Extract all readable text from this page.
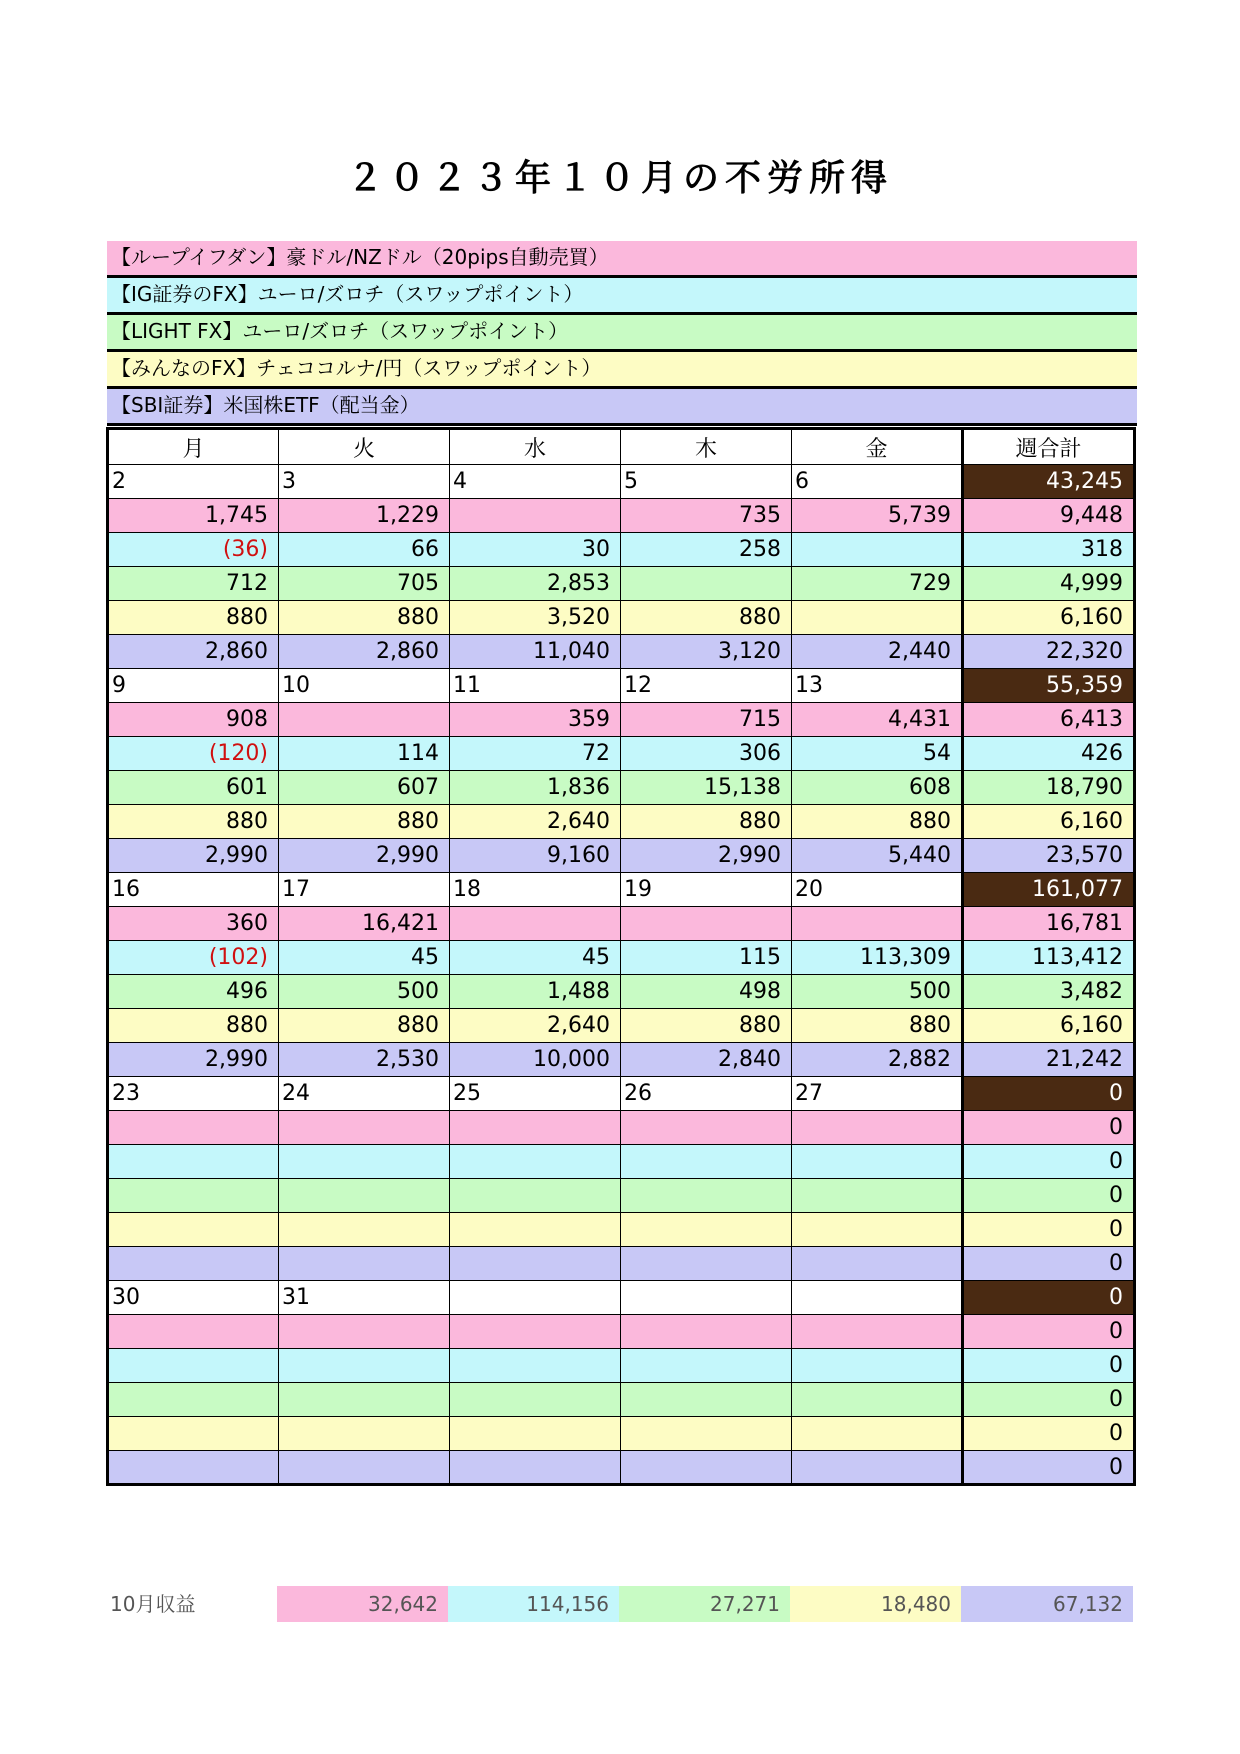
２０２３年１０月の不労所得
【ループイフダン】豪ドル/NZドル（20pips自動売買）
【IG証券のFX】ユーロ/ズロチ（スワップポイント）
【LIGHT FX】ユーロ/ズロチ（スワップポイント）
【みんなのFX】チェココルナ/円（スワップポイント）
【SBI証券】米国株ETF（配当金）
月	火	水	木	金	週合計
2	3	4	5	6	43,245
1,745	1,229		735	5,739	9,448
(36)	66	30	258		318
712	705	2,853		729	4,999
880	880	3,520	880		6,160
2,860	2,860	11,040	3,120	2,440	22,320
9	10	11	12	13	55,359
908		359	715	4,431	6,413
(120)	114	72	306	54	426
601	607	1,836	15,138	608	18,790
880	880	2,640	880	880	6,160
2,990	2,990	9,160	2,990	5,440	23,570
16	17	18	19	20	161,077
360	16,421				16,781
(102)	45	45	115	113,309	113,412
496	500	1,488	498	500	3,482
880	880	2,640	880	880	6,160
2,990	2,530	10,000	2,840	2,882	21,242
23	24	25	26	27	0
					0
					0
					0
					0
					0
30	31				0
					0
					0
					0
					0
					0
10月収益	32,642	114,156	27,271	18,480	67,132
